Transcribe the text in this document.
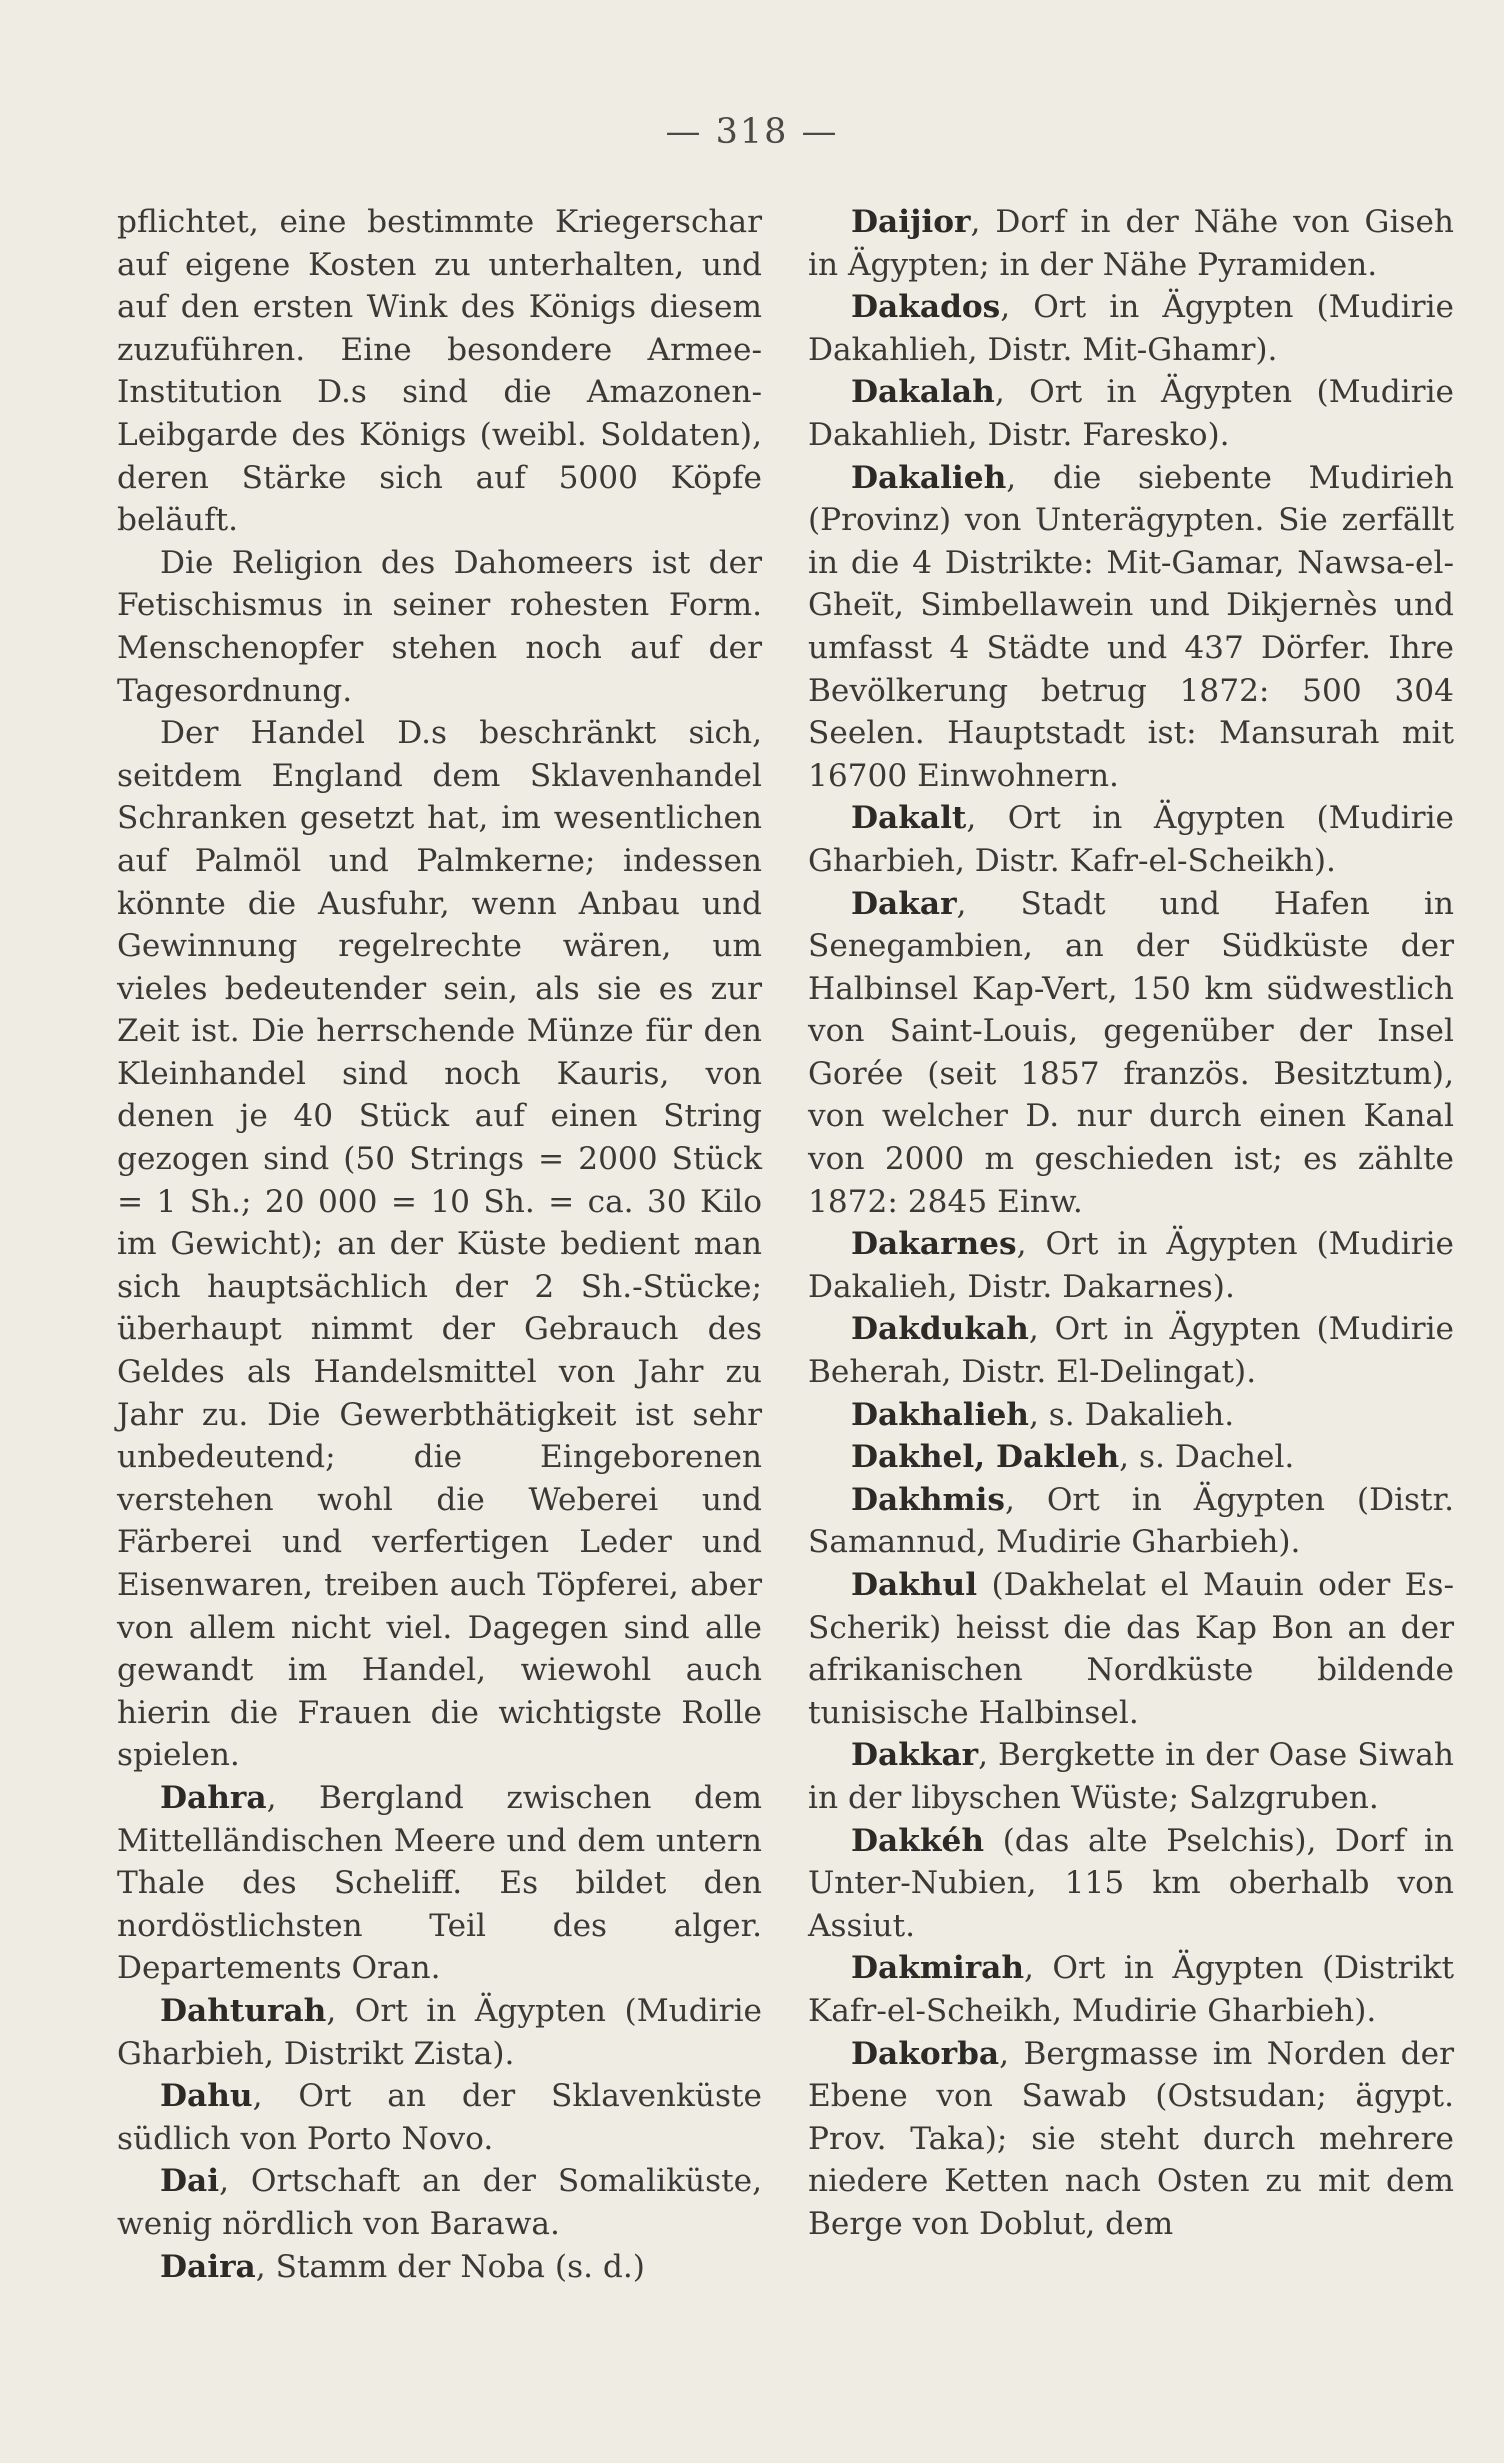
— 318 —

pflichtet, eine bestimmte Kriegerschar auf eigene Kosten zu unterhalten, und auf den ersten Wink des Königs diesem zuzuführen. Eine besondere Armee-Institution D.s sind die Amazonen-Leibgarde des Königs (weibl. Soldaten), deren Stärke sich auf 5000 Köpfe beläuft.

Die Religion des Dahomeers ist der Fetischismus in seiner rohesten Form. Menschenopfer stehen noch auf der Tagesordnung.

Der Handel D.s beschränkt sich, seitdem England dem Sklavenhandel Schranken gesetzt hat, im wesentlichen auf Palmöl und Palmkerne; indessen könnte die Ausfuhr, wenn Anbau und Gewinnung regelrechte wären, um vieles bedeutender sein, als sie es zur Zeit ist. Die herrschende Münze für den Kleinhandel sind noch Kauris, von denen je 40 Stück auf einen String gezogen sind (50 Strings = 2000 Stück = 1 Sh.; 20 000 = 10 Sh. = ca. 30 Kilo im Gewicht); an der Küste bedient man sich hauptsächlich der 2 Sh.-Stücke; überhaupt nimmt der Gebrauch des Geldes als Handelsmittel von Jahr zu Jahr zu. Die Gewerbthätigkeit ist sehr unbedeutend; die Eingeborenen verstehen wohl die Weberei und Färberei und verfertigen Leder und Eisenwaren, treiben auch Töpferei, aber von allem nicht viel. Dagegen sind alle gewandt im Handel, wiewohl auch hierin die Frauen die wichtigste Rolle spielen.

Dahra, Bergland zwischen dem Mittelländischen Meere und dem untern Thale des Scheliff. Es bildet den nordöstlichsten Teil des alger. Departements Oran.

Dahturah, Ort in Ägypten (Mudirie Gharbieh, Distrikt Zista).

Dahu, Ort an der Sklavenküste südlich von Porto Novo.

Dai, Ortschaft an der Somaliküste, wenig nördlich von Barawa.

Daira, Stamm der Noba (s. d.)

Daijior, Dorf in der Nähe von Giseh in Ägypten; in der Nähe Pyramiden.

Dakados, Ort in Ägypten (Mudirie Dakahlieh, Distr. Mit-Ghamr).

Dakalah, Ort in Ägypten (Mudirie Dakahlieh, Distr. Faresko).

Dakalieh, die siebente Mudirieh (Provinz) von Unterägypten. Sie zerfällt in die 4 Distrikte: Mit-Gamar, Nawsa-el-Gheït, Simbellawein und Dikjernès und umfasst 4 Städte und 437 Dörfer. Ihre Bevölkerung betrug 1872: 500 304 Seelen. Hauptstadt ist: Mansurah mit 16700 Einwohnern.

Dakalt, Ort in Ägypten (Mudirie Gharbieh, Distr. Kafr-el-Scheikh).

Dakar, Stadt und Hafen in Senegambien, an der Südküste der Halbinsel Kap-Vert, 150 km südwestlich von Saint-Louis, gegenüber der Insel Gorée (seit 1857 französ. Besitztum), von welcher D. nur durch einen Kanal von 2000 m geschieden ist; es zählte 1872: 2845 Einw.

Dakarnes, Ort in Ägypten (Mudirie Dakalieh, Distr. Dakarnes).

Dakdukah, Ort in Ägypten (Mudirie Beherah, Distr. El-Delingat).

Dakhalieh, s. Dakalieh.

Dakhel, Dakleh, s. Dachel.

Dakhmis, Ort in Ägypten (Distr. Samannud, Mudirie Gharbieh).

Dakhul (Dakhelat el Mauin oder Es-Scherik) heisst die das Kap Bon an der afrikanischen Nordküste bildende tunisische Halbinsel.

Dakkar, Bergkette in der Oase Siwah in der libyschen Wüste; Salzgruben.

Dakkéh (das alte Pselchis), Dorf in Unter-Nubien, 115 km oberhalb von Assiut.

Dakmirah, Ort in Ägypten (Distrikt Kafr-el-Scheikh, Mudirie Gharbieh).

Dakorba, Bergmasse im Norden der Ebene von Sawab (Ostsudan; ägypt. Prov. Taka); sie steht durch mehrere niedere Ketten nach Osten zu mit dem Berge von Doblut, dem
